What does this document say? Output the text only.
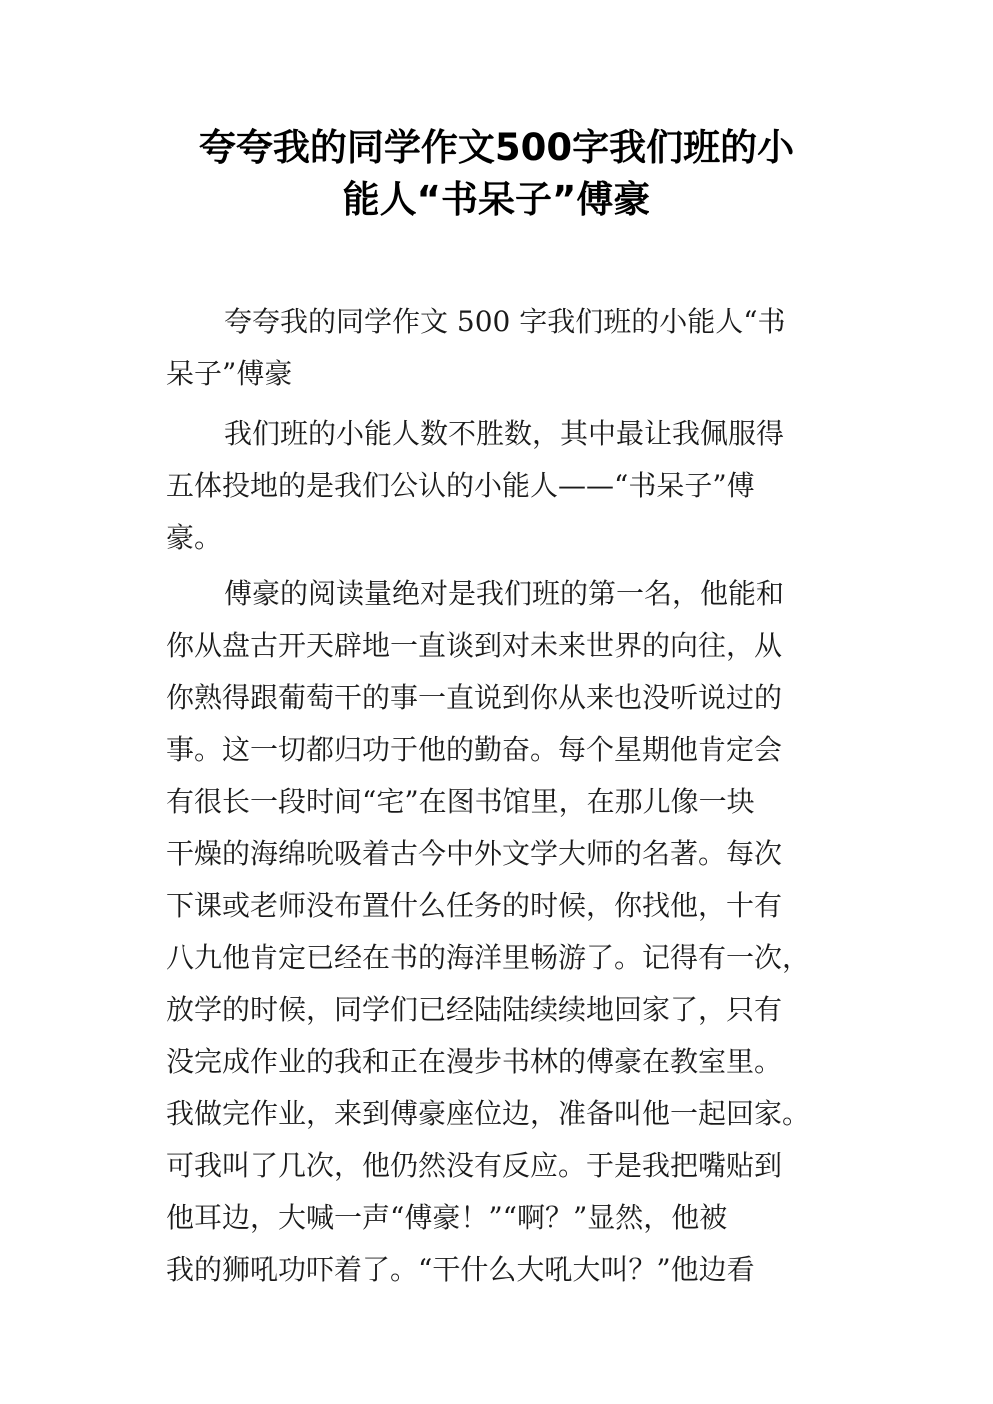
夸夸我的同学作文500字我们班的小
能人“书呆子”傅豪
夸夸我的同学作文 500 字我们班的小能人“书
呆子”傅豪
我们班的小能人数不胜数，其中最让我佩服得
五体投地的是我们公认的小能人——“书呆子”傅
豪。
傅豪的阅读量绝对是我们班的第一名，他能和
你从盘古开天辟地一直谈到对未来世界的向往，从
你熟得跟葡萄干的事一直说到你从来也没听说过的
事。这一切都归功于他的勤奋。每个星期他肯定会
有很长一段时间“宅”在图书馆里，在那儿像一块
干燥的海绵吮吸着古今中外文学大师的名著。每次
下课或老师没布置什么任务的时候，你找他，十有
八九他肯定已经在书的海洋里畅游了。记得有一次，
放学的时候，同学们已经陆陆续续地回家了，只有
没完成作业的我和正在漫步书林的傅豪在教室里。
我做完作业，来到傅豪座位边，准备叫他一起回家。
可我叫了几次，他仍然没有反应。于是我把嘴贴到
他耳边，大喊一声“傅豪！”“啊？”显然，他被
我的狮吼功吓着了。“干什么大吼大叫？”他边看
